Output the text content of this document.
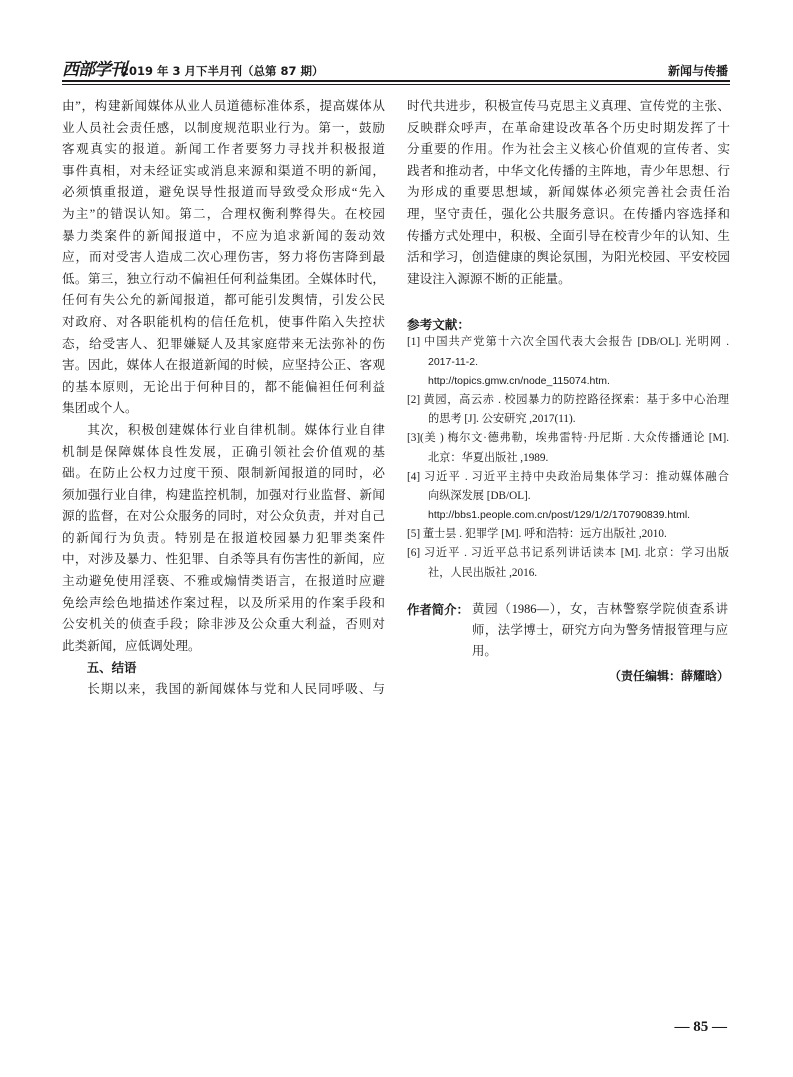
西部学刊
2019 年 3 月下半月刊（总第 87 期）	新闻与传播
由”，构建新闻媒体从业人员道德标准体系，提高媒体从
业人员社会责任感，以制度规范职业行为。第一，鼓励
客观真实的报道。新闻工作者要努力寻找并积极报道
事件真相，对未经证实或消息来源和渠道不明的新闻，
必须慎重报道，避免误导性报道而导致受众形成“先入
为主”的错误认知。第二，合理权衡利弊得失。在校园
暴力类案件的新闻报道中，不应为追求新闻的轰动效
应，而对受害人造成二次心理伤害，努力将伤害降到最
低。第三，独立行动不偏袒任何利益集团。全媒体时代，
任何有失公允的新闻报道，都可能引发舆情，引发公民
对政府、对各职能机构的信任危机，使事件陷入失控状
态，给受害人、犯罪嫌疑人及其家庭带来无法弥补的伤
害。因此，媒体人在报道新闻的时候，应坚持公正、客观
的基本原则，无论出于何种目的，都不能偏袒任何利益
集团或个人。
其次，积极创建媒体行业自律机制。媒体行业自律
机制是保障媒体良性发展，正确引领社会价值观的基
础。在防止公权力过度干预、限制新闻报道的同时，必
须加强行业自律，构建监控机制，加强对行业监督、新闻
源的监督，在对公众服务的同时，对公众负责，并对自己
的新闻行为负责。特别是在报道校园暴力犯罪类案件
中，对涉及暴力、性犯罪、自杀等具有伤害性的新闻，应
主动避免使用淫亵、不雅或煽情类语言，在报道时应避
免绘声绘色地描述作案过程，以及所采用的作案手段和
公安机关的侦查手段；除非涉及公众重大利益，否则对
此类新闻，应低调处理。
五、结语
长期以来，我国的新闻媒体与党和人民同呼吸、与
时代共进步，积极宣传马克思主义真理、宣传党的主张、
反映群众呼声，在革命建设改革各个历史时期发挥了十
分重要的作用。作为社会主义核心价值观的宣传者、实
践者和推动者，中华文化传播的主阵地，青少年思想、行
为形成的重要思想域，新闻媒体必须完善社会责任治
理，坚守责任，强化公共服务意识。在传播内容选择和
传播方式处理中，积极、全面引导在校青少年的认知、生
活和学习，创造健康的舆论氛围，为阳光校园、平安校园
建设注入源源不断的正能量。
参考文献：
[1] 中国共产党第十六次全国代表大会报告 [DB/OL]. 光明网 .
2017-11-2.
http://topics.gmw.cn/node_115074.htm.
[2] 黄园，高云赤 . 校园暴力的防控路径探索：基于多中心治理
的思考 [J]. 公安研究 ,2017(11).
[3](美 ) 梅尔文·德弗勒，埃弗雷特·丹尼斯 . 大众传播通论 [M].
北京：华夏出版社 ,1989.
[4] 习近平 . 习近平主持中央政治局集体学习：推动媒体融合
向纵深发展 [DB/OL].
http://bbs1.people.com.cn/post/129/1/2/170790839.html.
[5] 董士昙 . 犯罪学 [M]. 呼和浩特：远方出版社 ,2010.
[6] 习近平 . 习近平总书记系列讲话读本 [M]. 北京：学习出版
社，人民出版社 ,2016.
作者简介： 黄园（1986—），女，吉林警察学院侦查系讲
师，法学博士，研究方向为警务情报管理与应
用。
（责任编辑：薛耀晗）
— 85 —
